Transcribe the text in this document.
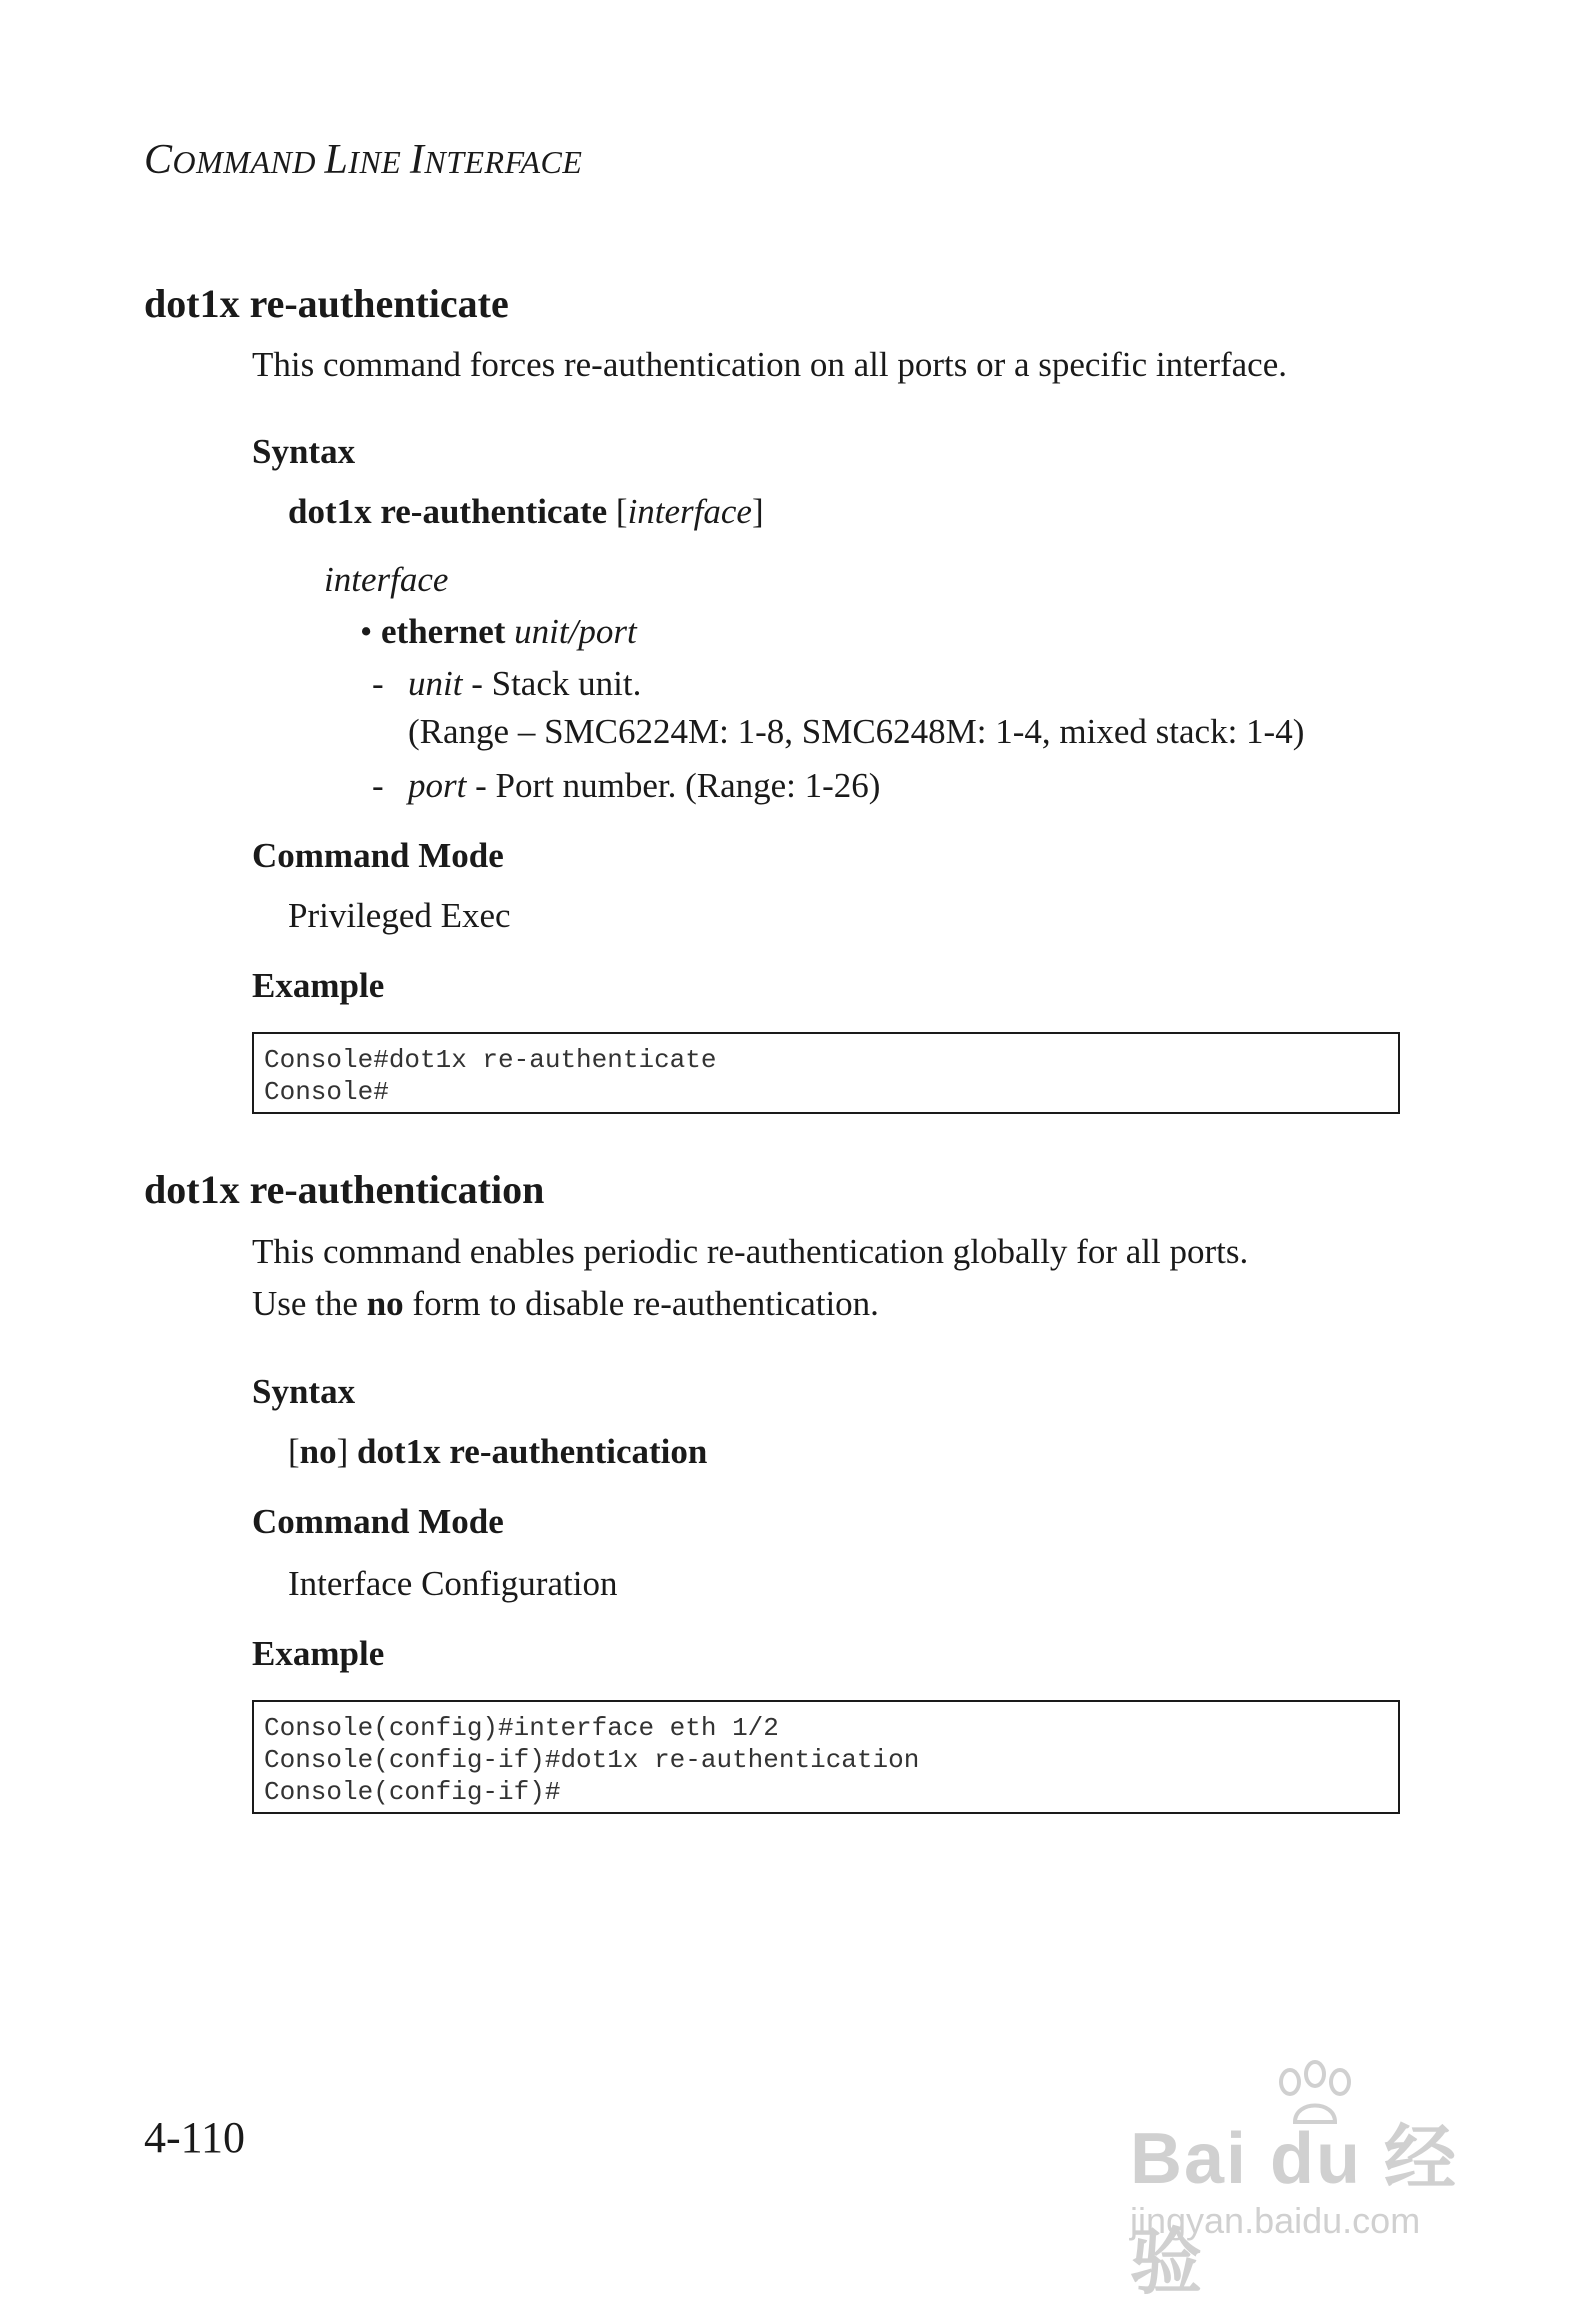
COMMAND LINE INTERFACE
dot1x re-authenticate
This command forces re-authentication on all ports or a specific interface.
Syntax
dot1x re-authenticate [interface]
interface
• ethernet unit/port
- unit - Stack unit.
(Range – SMC6224M: 1-8, SMC6248M: 1-4, mixed stack: 1-4)
- port - Port number. (Range: 1-26)
Command Mode
Privileged Exec
Example
Console#dot1x re-authenticate
Console#
dot1x re-authentication
This command enables periodic re-authentication globally for all ports.
Use the no form to disable re-authentication.
Syntax
[no] dot1x re-authentication
Command Mode
Interface Configuration
Example
Console(config)#interface eth 1/2
Console(config-if)#dot1x re-authentication
Console(config-if)#
4-110	Bai du 经验
jingyan.baidu.com
